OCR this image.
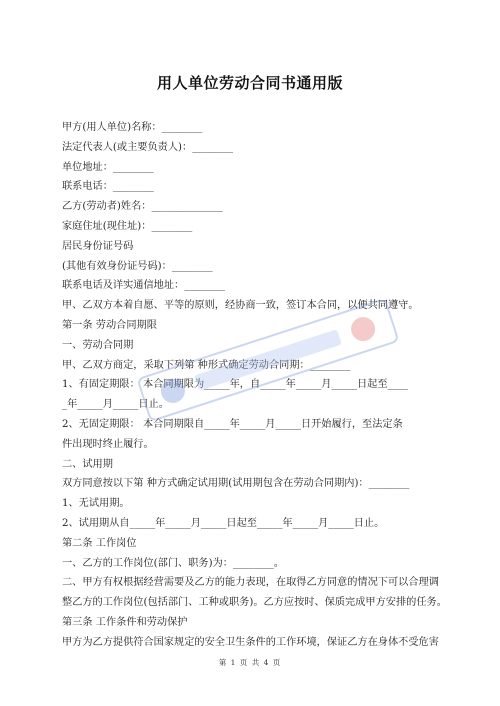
用人单位劳动合同书通用版
甲方(用人单位)名称：________
法定代表人(或主要负责人)：________
单位地址：________
联系电话：________
乙方(劳动者)姓名：______________
家庭住址(现住址)：________
居民身份证号码
(其他有效身份证号码)：________
联系电话及详实通信地址：________
甲、乙双方本着自愿、平等的原则，经协商一致，签订本合同，以便共同遵守。
第一条 劳动合同期限
一、劳动合同期
甲、乙双方商定，采取下列第 种形式确定劳动合同期：________
1、有固定期限： 本合同期限为_____年，自_____年_____月_____日起至____
_年_____月_____日止。
2、无固定期限： 本合同期限自_____年_____月_____日开始履行，至法定条
件出现时终止履行。
二、试用期
双方同意按以下第 种方式确定试用期(试用期包含在劳动合同期内)：________
1、无试用期。
2、试用期从自_____年_____月_____日起至_____年_____月_____日止。
第二条 工作岗位
一、乙方的工作岗位(部门、职务)为：________。
二、甲方有权根据经营需要及乙方的能力表现，在取得乙方同意的情况下可以合理调
整乙方的工作岗位(包括部门、工种或职务)。乙方应按时、保质完成甲方安排的任务。
第三条 工作条件和劳动保护
甲方为乙方提供符合国家规定的安全卫生条件的工作环境，保证乙方在身体不受危害
第 1 页 共 4 页
